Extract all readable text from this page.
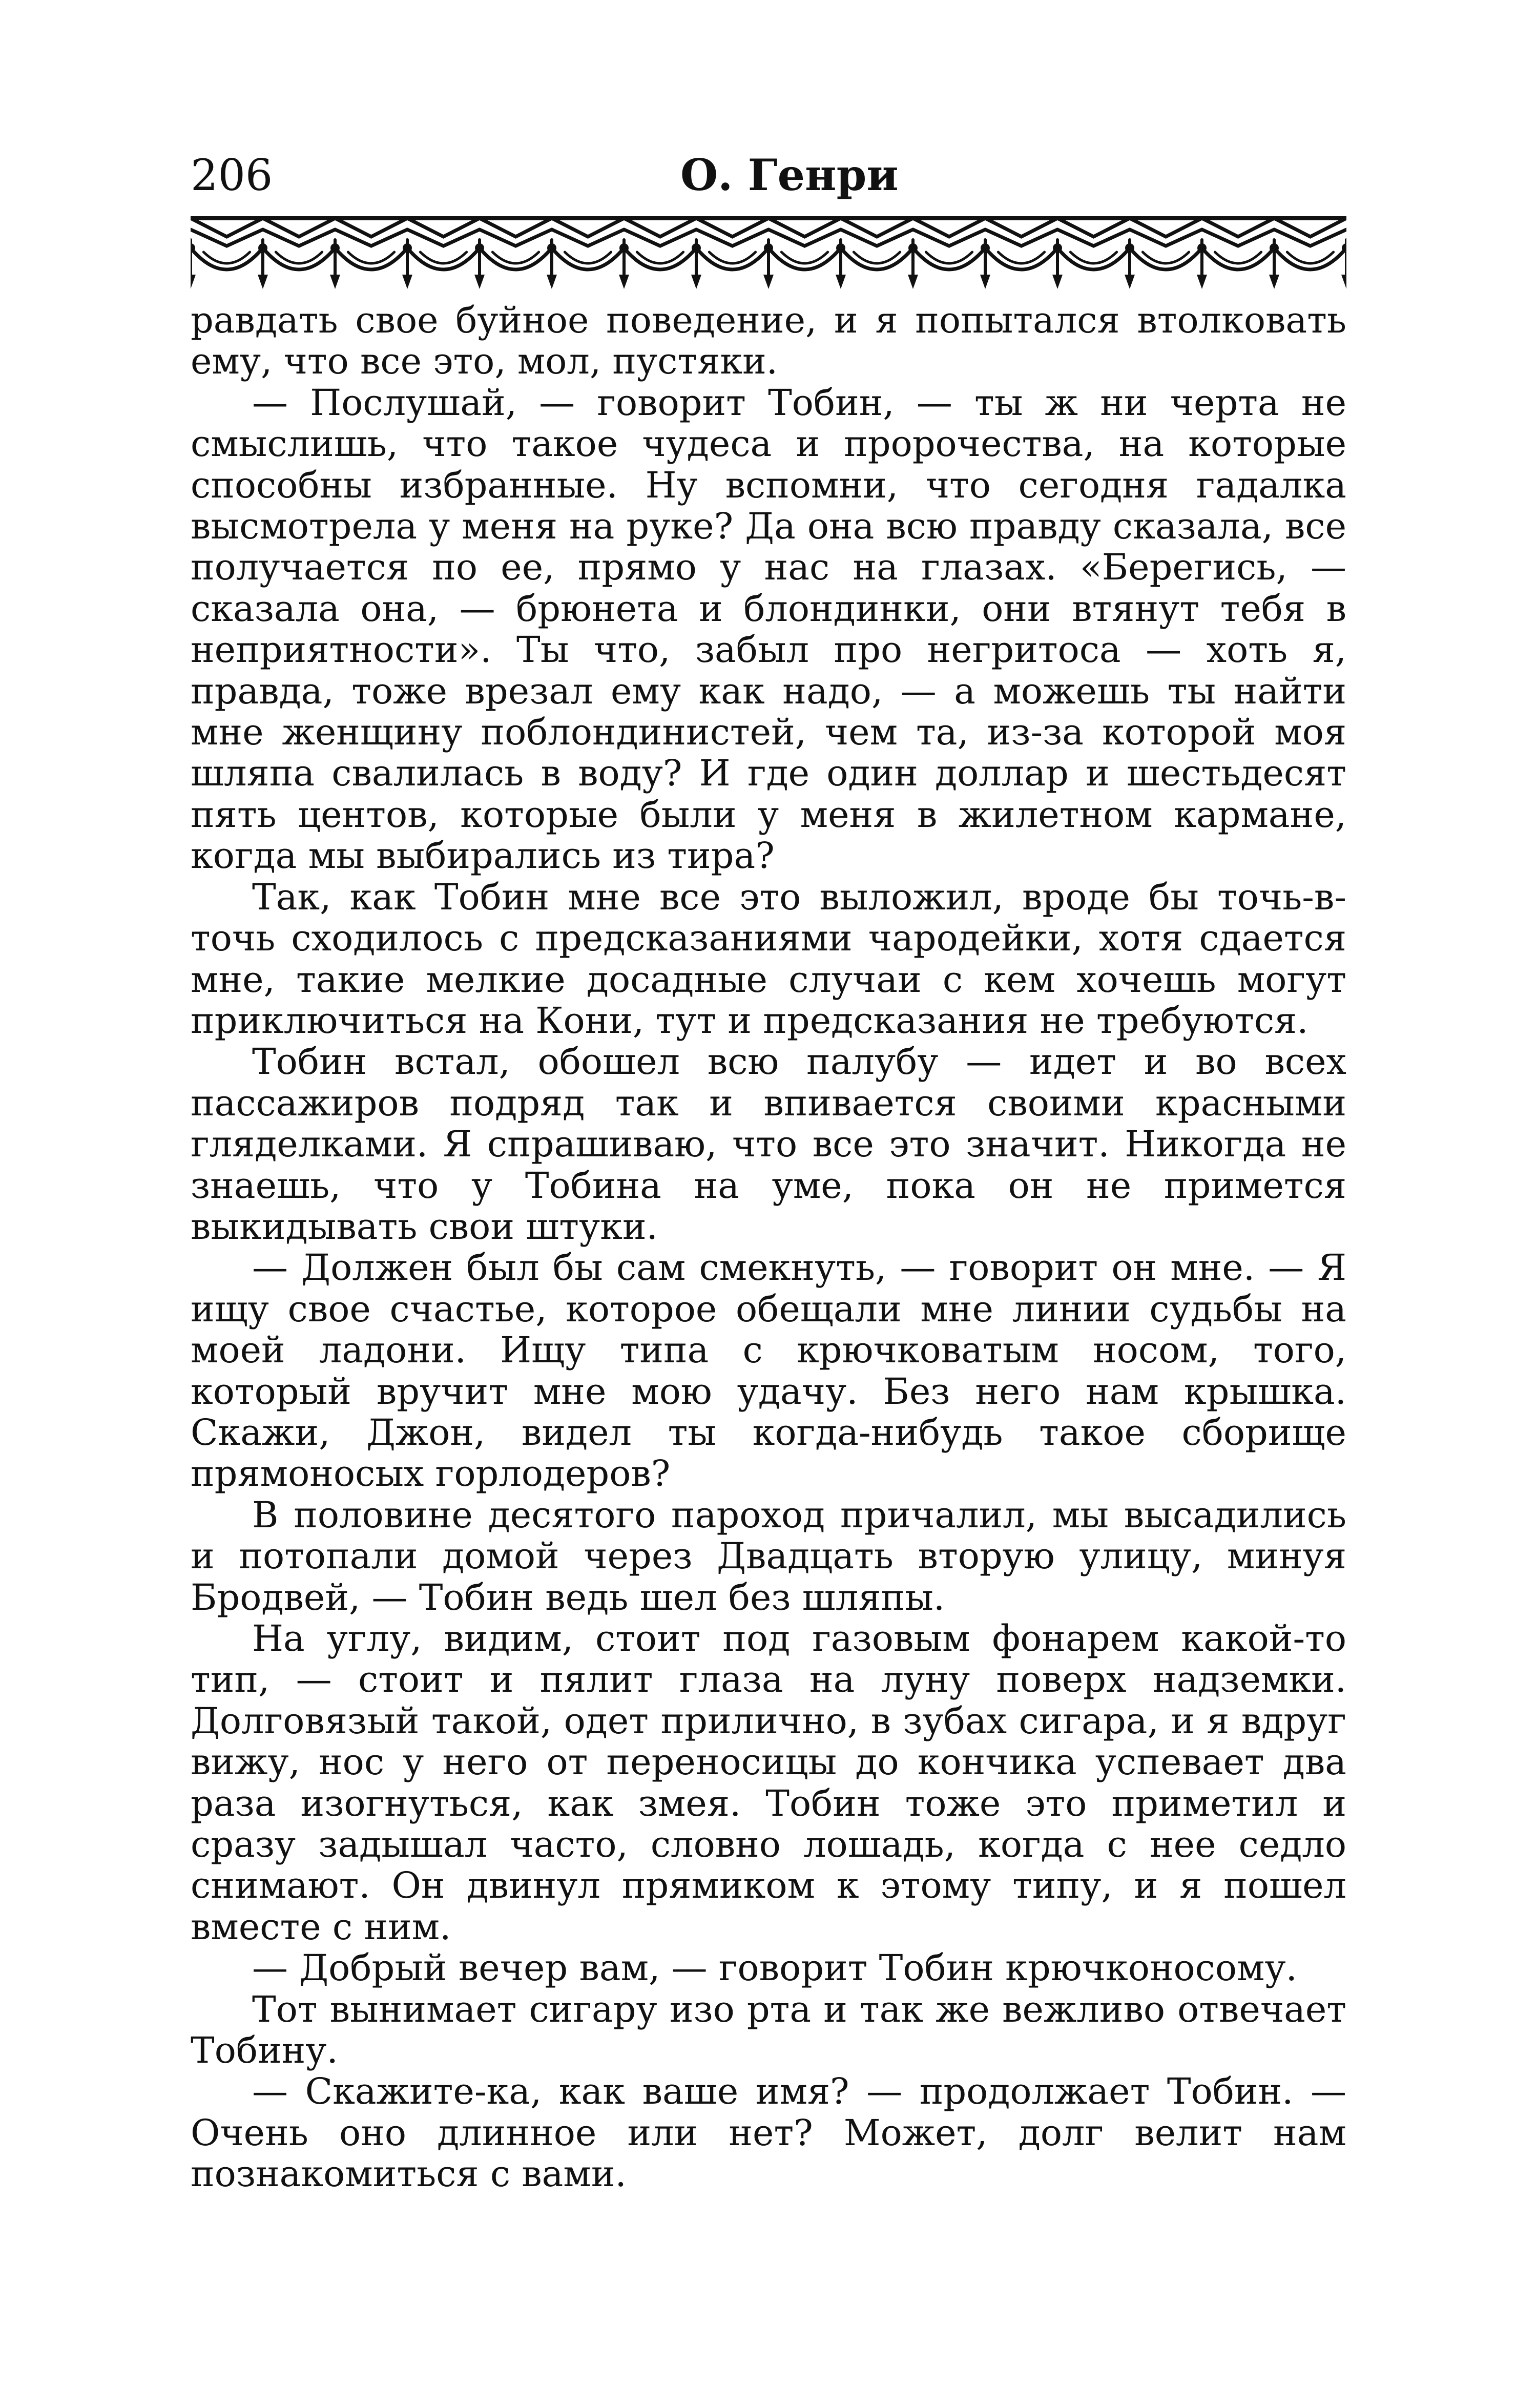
206	О. Генри

равдать свое буйное поведение, и я попытался втолковать ему, что все это, мол, пустяки.

— Послушай, — говорит Тобин, — ты ж ни черта не смыслишь, что такое чудеса и пророчества, на которые способны избранные. Ну вспомни, что сегодня гадалка высмотрела у меня на руке? Да она всю правду сказала, все получается по ее, прямо у нас на глазах. «Берегись, — сказала она, — брюнета и блондинки, они втянут тебя в неприятности». Ты что, забыл про негритоса — хоть я, правда, тоже врезал ему как надо, — а можешь ты найти мне женщину поблондинистей, чем та, из-за которой моя шляпа свалилась в воду? И где один доллар и шестьдесят пять центов, которые были у меня в жилетном кармане, когда мы выбирались из тира?

Так, как Тобин мне все это выложил, вроде бы точь-в-точь сходилось с предсказаниями чародейки, хотя сдается мне, такие мелкие досадные случаи с кем хочешь могут приключиться на Кони, тут и предсказания не требуются.

Тобин встал, обошел всю палубу — идет и во всех пассажиров подряд так и впивается своими красными гляделками. Я спрашиваю, что все это значит. Никогда не знаешь, что у Тобина на уме, пока он не примется выкидывать свои штуки.

— Должен был бы сам смекнуть, — говорит он мне. — Я ищу свое счастье, которое обещали мне линии судьбы на моей ладони. Ищу типа с крючковатым носом, того, который вручит мне мою удачу. Без него нам крышка. Скажи, Джон, видел ты когда-нибудь такое сборище прямоносых горлодеров?

В половине десятого пароход причалил, мы высадились и потопали домой через Двадцать вторую улицу, минуя Бродвей, — Тобин ведь шел без шляпы.

На углу, видим, стоит под газовым фонарем какой-то тип, — стоит и пялит глаза на луну поверх надземки. Долговязый такой, одет прилично, в зубах сигара, и я вдруг вижу, нос у него от переносицы до кончика успевает два раза изогнуться, как змея. Тобин тоже это приметил и сразу задышал часто, словно лошадь, когда с нее седло снимают. Он двинул прямиком к этому типу, и я пошел вместе с ним.

— Добрый вечер вам, — говорит Тобин крючконосому.

Тот вынимает сигару изо рта и так же вежливо отвечает Тобину.

— Скажите-ка, как ваше имя? — продолжает Тобин. — Очень оно длинное или нет? Может, долг велит нам познакомиться с вами.
